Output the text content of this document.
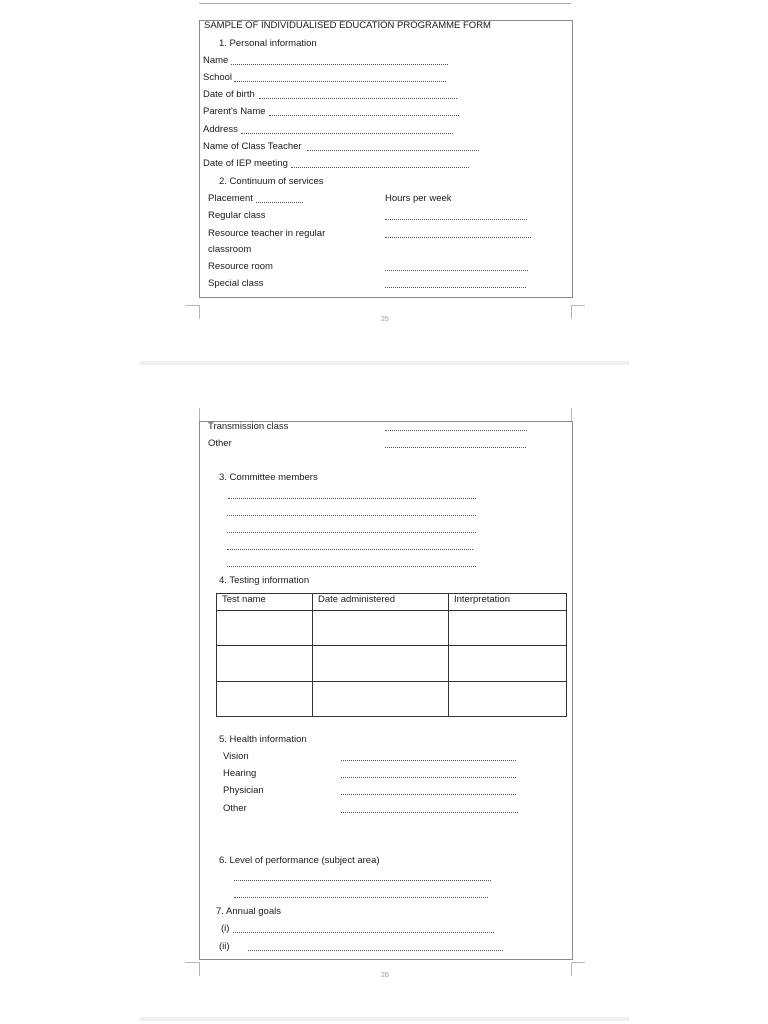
SAMPLE OF INDIVIDUALISED EDUCATION PROGRAMME FORM
1. Personal information
Name
School
Date of birth
Parent's Name
Address
Name of Class Teacher
Date of IEP meeting
2. Continuum of services
Placement	Hours per week
Regular class
Resource teacher in regular
classroom
Resource room
Special class
25
Transmission class
Other
3. Committee members
4. Testing information
Test name	Date administered	Interpretation

5. Health information
Vision
Hearing
Physician
Other
6. Level of performance (subject area)
7. Annual goals
(i)
(ii)
26
